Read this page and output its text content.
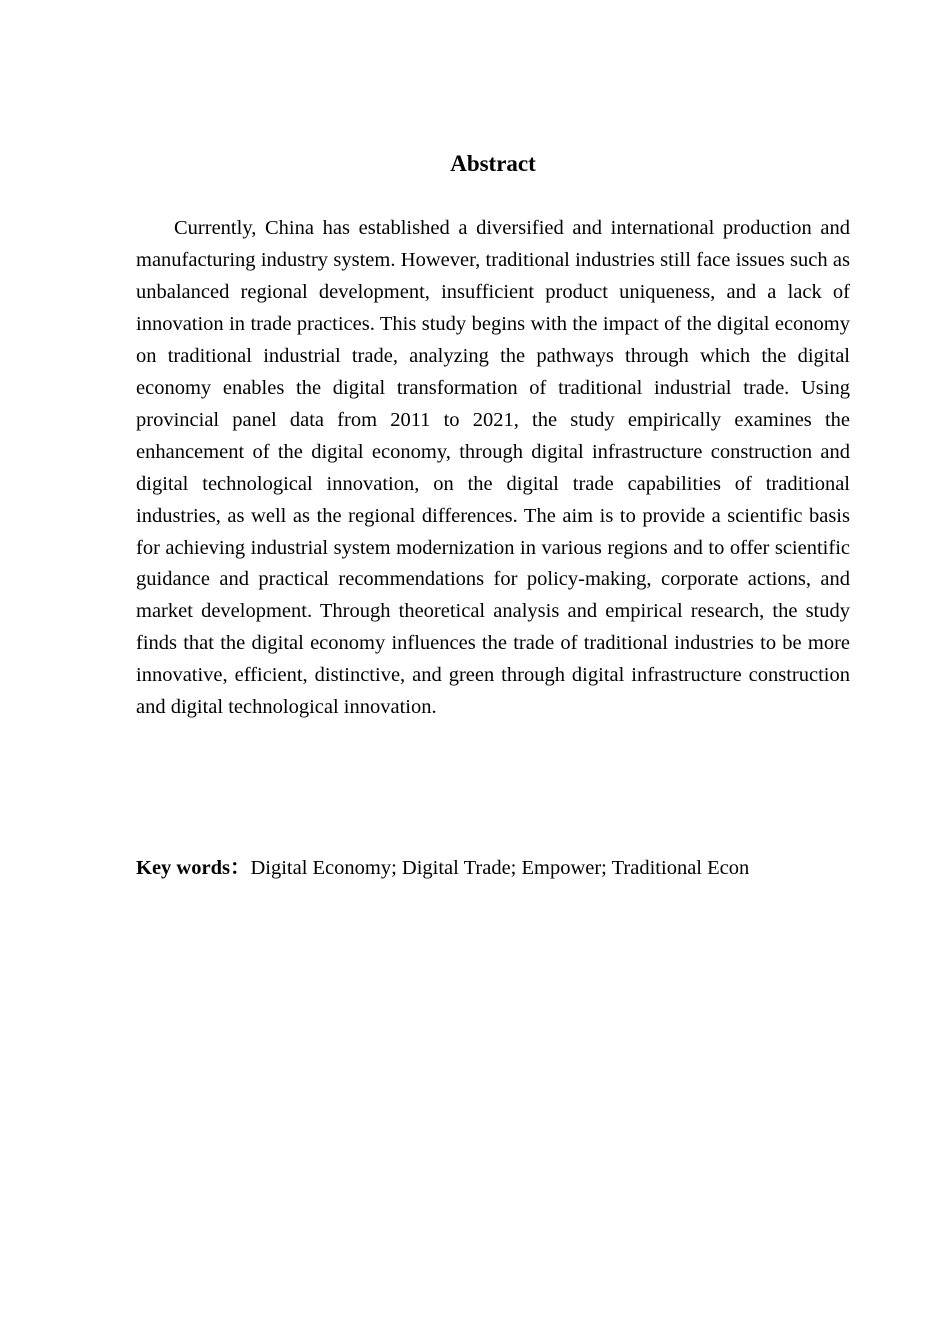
Abstract

Currently, China has established a diversified and international production and manufacturing industry system. However, traditional industries still face issues such as unbalanced regional development, insufficient product uniqueness, and a lack of innovation in trade practices. This study begins with the impact of the digital economy on traditional industrial trade, analyzing the pathways through which the digital economy enables the digital transformation of traditional industrial trade. Using provincial panel data from 2011 to 2021, the study empirically examines the enhancement of the digital economy, through digital infrastructure construction and digital technological innovation, on the digital trade capabilities of traditional industries, as well as the regional differences. The aim is to provide a scientific basis for achieving industrial system modernization in various regions and to offer scientific guidance and practical recommendations for policy-making, corporate actions, and market development. Through theoretical analysis and empirical research, the study finds that the digital economy influences the trade of traditional industries to be more innovative, efficient, distinctive, and green through digital infrastructure construction and digital technological innovation.

Key words：Digital Economy; Digital Trade; Empower; Traditional Econ
